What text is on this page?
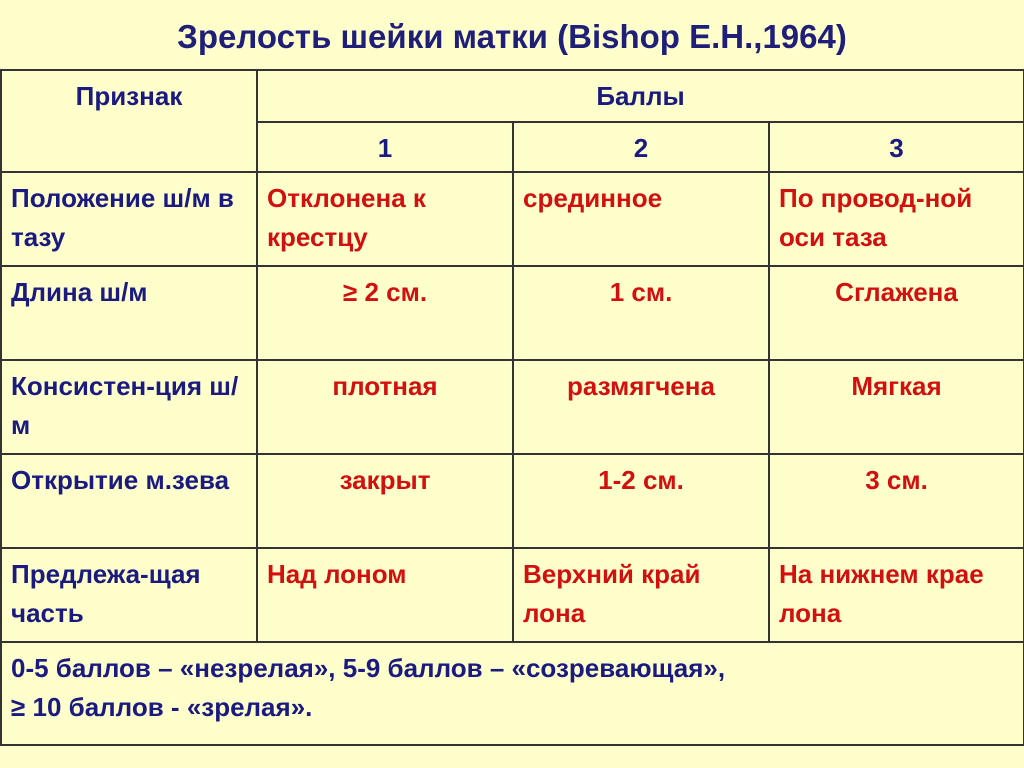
Зрелость шейки матки (Bishop E.H.,1964)
Признак	Баллы		
	1	2	3
Положение ш/м в тазу	Отклонена к крестцу	срединное	По провод-ной оси таза
Длина ш/м	≥ 2 см.	1 см.	Сглажена
Консистен-ция ш/м	плотная	размягчена	Мягкая
Открытие м.зева	закрыт	1-2 см.	3 см.
Предлежа-щая часть	Над лоном	Верхний край лона	На нижнем крае лона

0-5 баллов – «незрелая», 5-9 баллов – «созревающая»,
≥ 10 баллов - «зрелая».			
